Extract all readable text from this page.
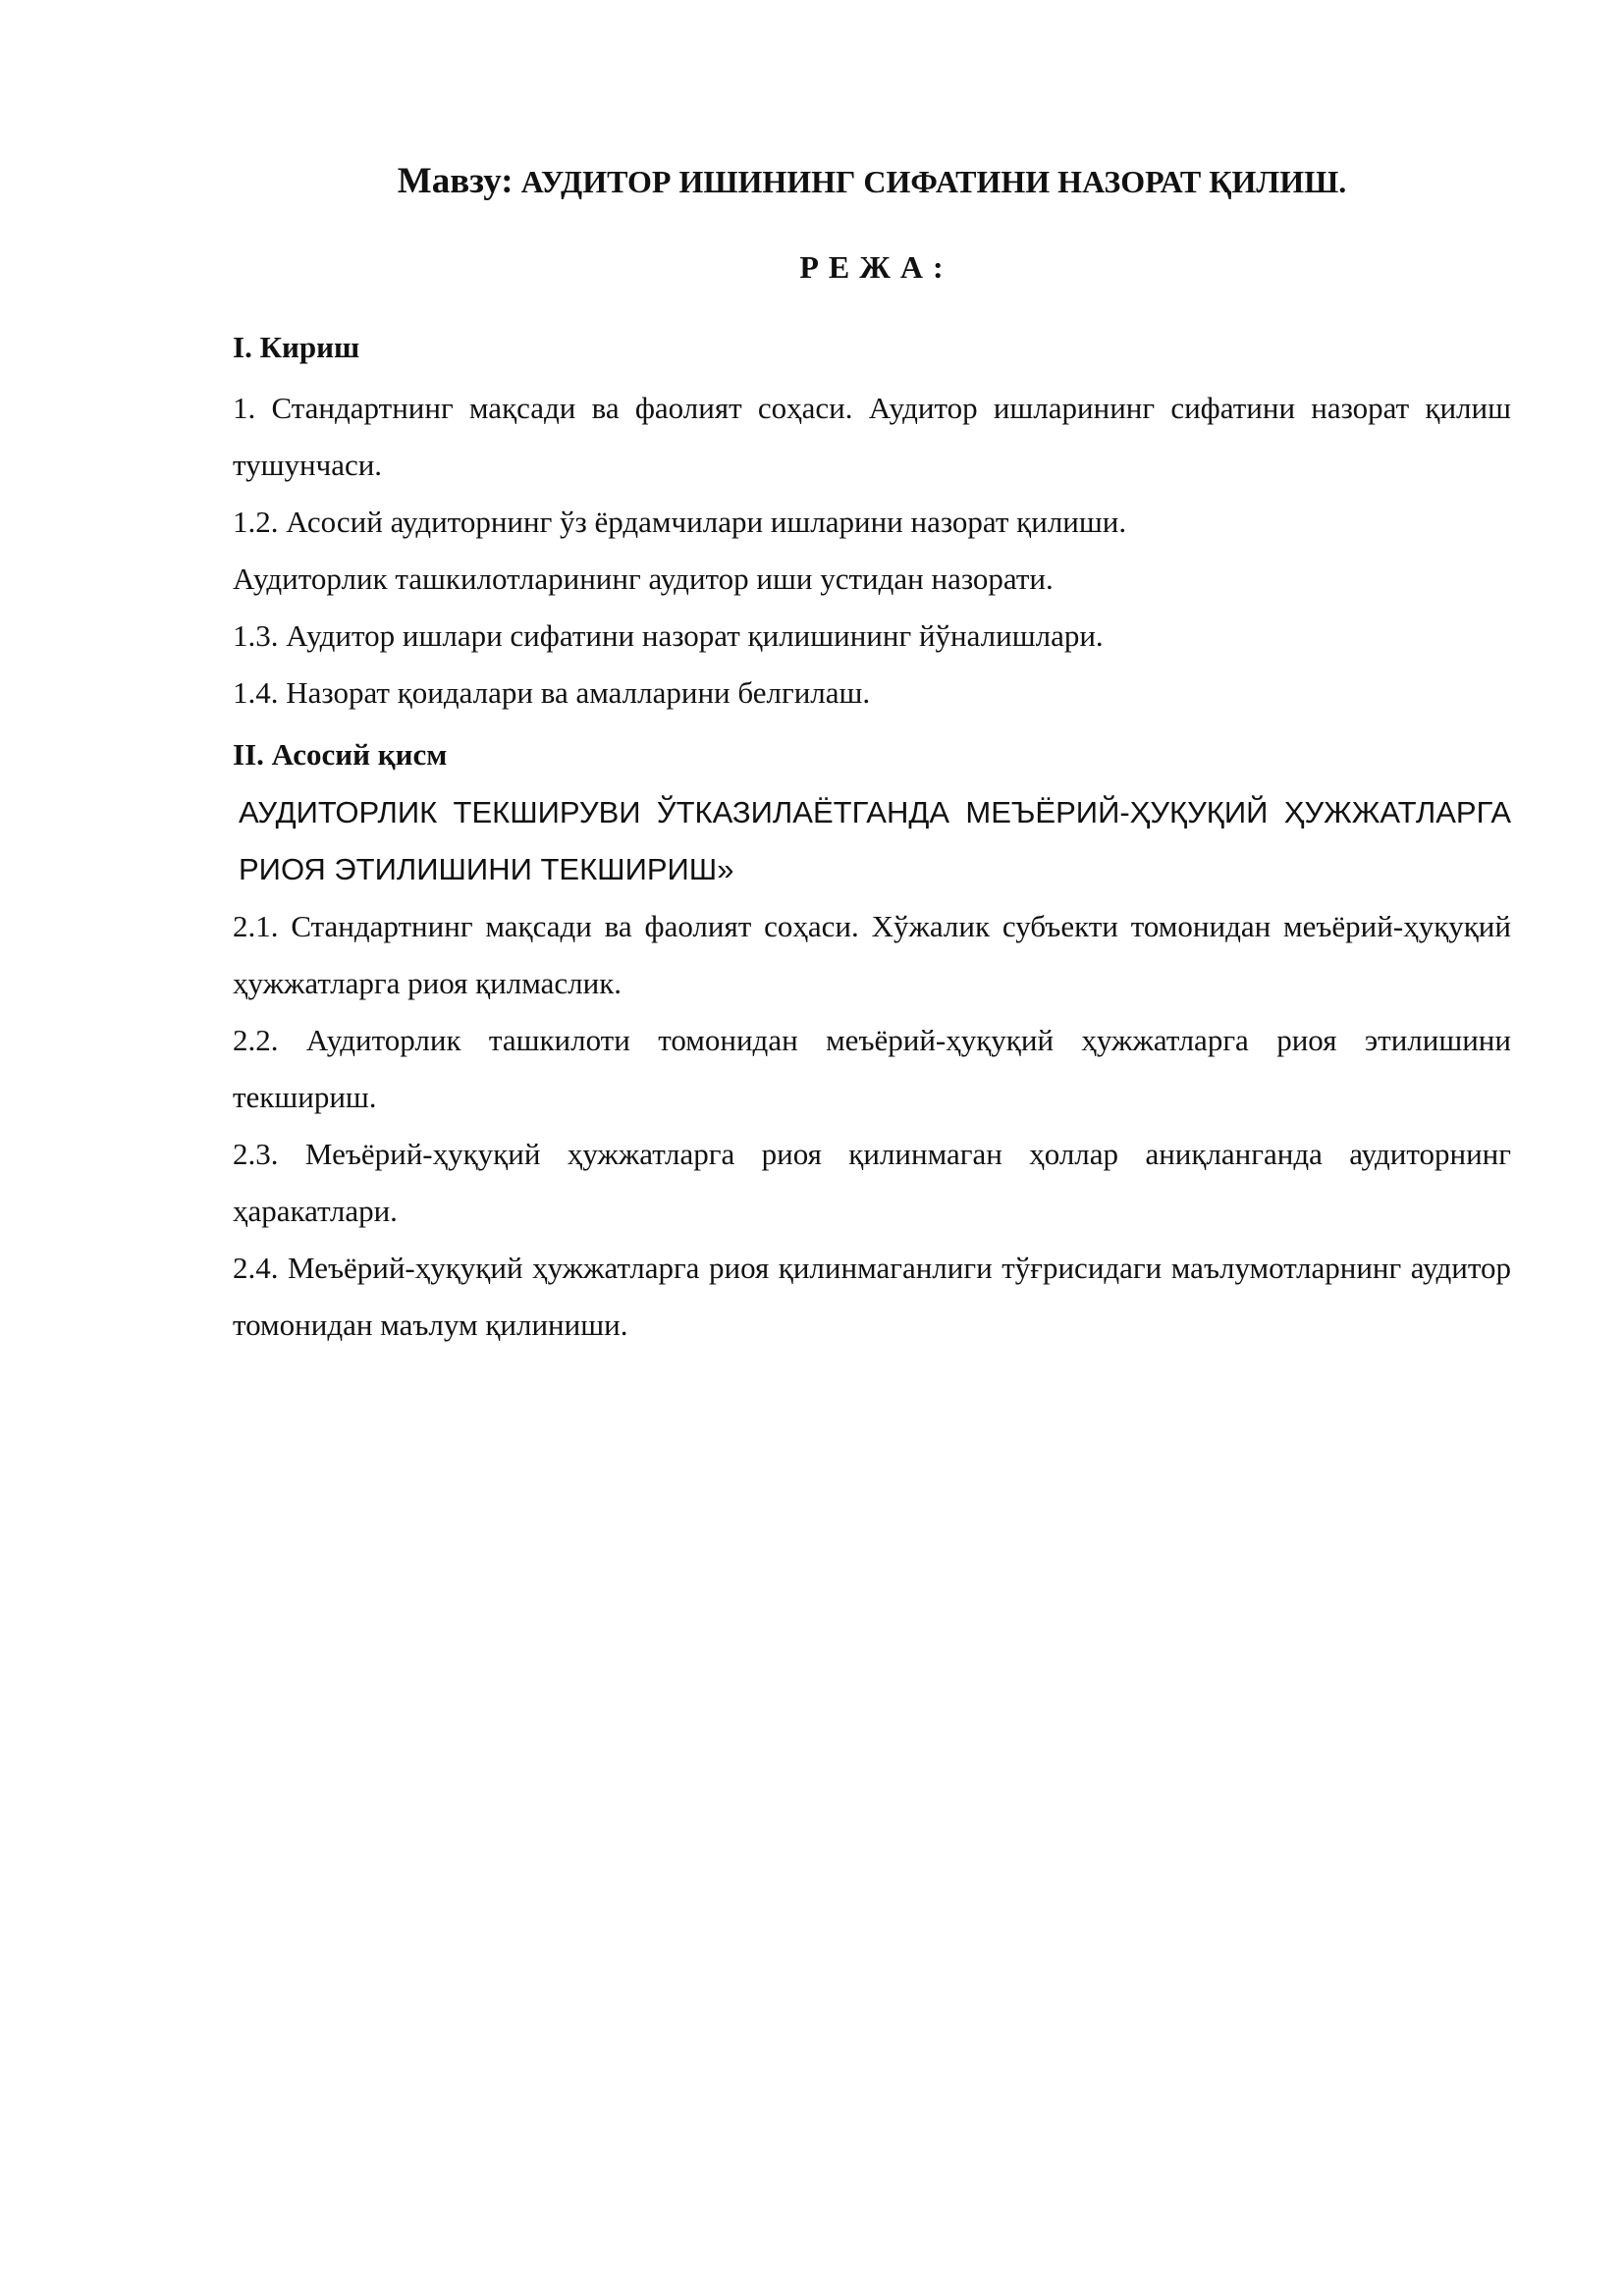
Мавзу: АУДИТОР ИШИНИНГ СИФАТИНИ НАЗОРАТ ҚИЛИШ.
Р Е Ж А :
I. Кириш

1. Стандартнинг мақсади ва фаолият соҳаси. Аудитор ишларининг сифатини назорат қилиш тушунчаси.

1.2. Асосий аудиторнинг ўз ёрдамчилари ишларини назорат қилиши.

Аудиторлик ташкилотларининг аудитор иши устидан назорати.

1.3. Аудитор ишлари сифатини назорат қилишининг йўналишлари.

1.4. Назорат қоидалари ва амалларини белгилаш.

II. Асосий қисм

АУДИТОРЛИК ТЕКШИРУВИ ЎТКАЗИЛАЁТГАНДА МЕЪЁРИЙ-ҲУҚУҚИЙ ҲУЖЖАТЛАРГА РИОЯ ЭТИЛИШИНИ ТЕКШИРИШ»

2.1. Стандартнинг мақсади ва фаолият соҳаси. Хўжалик субъекти томонидан меъёрий-ҳуқуқий ҳужжатларга риоя қилмаслик.

2.2. Аудиторлик ташкилоти томонидан меъёрий-ҳуқуқий ҳужжатларга риоя этилишини текшириш.

2.3. Меъёрий-ҳуқуқий ҳужжатларга риоя қилинмаган ҳоллар аниқланганда аудиторнинг ҳаракатлари.

2.4. Меъёрий-ҳуқуқий ҳужжатларга риоя қилинмаганлиги тўғрисидаги маълумотларнинг аудитор томонидан маълум қилиниши.
